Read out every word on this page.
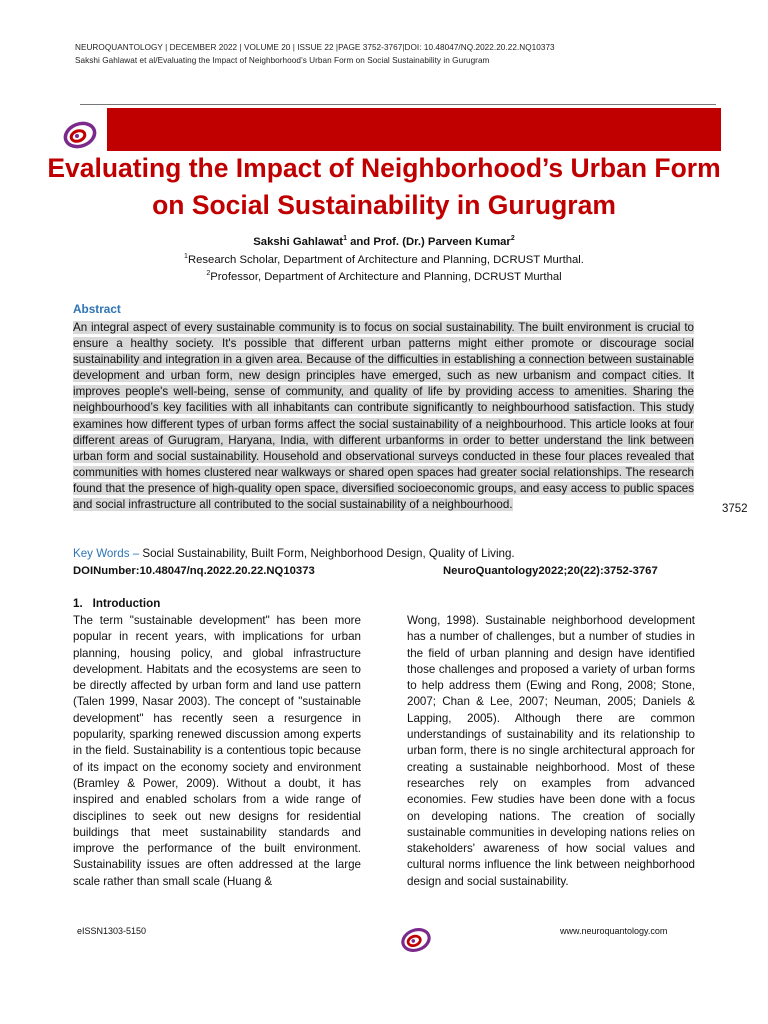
NEUROQUANTOLOGY | DECEMBER 2022 | VOLUME 20 | ISSUE 22 |PAGE 3752-3767|DOI: 10.48047/NQ.2022.20.22.NQ10373
Sakshi Gahlawat et al/Evaluating the Impact of Neighborhood’s Urban Form on Social Sustainability in Gurugram
Evaluating the Impact of Neighborhood’s Urban Form on Social Sustainability in Gurugram
Sakshi Gahlawat$^1$ and Prof. (Dr.) Parveen Kumar$^2$
$^1$Research Scholar, Department of Architecture and Planning, DCRUST Murthal.
$^2$Professor, Department of Architecture and Planning, DCRUST Murthal
Abstract

An integral aspect of every sustainable community is to focus on social sustainability. The built environment is crucial to ensure a healthy society. It's possible that different urban patterns might either promote or discourage social sustainability and integration in a given area. Because of the difficulties in establishing a connection between sustainable development and urban form, new design principles have emerged, such as new urbanism and compact cities. It improves people's well-being, sense of community, and quality of life by providing access to amenities. Sharing the neighbourhood’s key facilities with all inhabitants can contribute significantly to neighbourhood satisfaction. This study examines how different types of urban forms affect the social sustainability of a neighbourhood. This article looks at four different areas of Gurugram, Haryana, India, with different urbanforms in order to better understand the link between urban form and social sustainability. Household and observational surveys conducted in these four places revealed that communities with homes clustered near walkways or shared open spaces had greater social relationships. The research found that the presence of high-quality open space, diversified socioeconomic groups, and easy access to public spaces and social infrastructure all contributed to the social sustainability of a neighbourhood.

Key Words – Social Sustainability, Built Form, Neighborhood Design, Quality of Living.
DOINumber:10.48047/nq.2022.20.22.NQ10373	NeuroQuantology2022;20(22):3752-3767
3752
1. Introduction

The term "sustainable development" has been more popular in recent years, with implications for urban planning, housing policy, and global infrastructure development. Habitats and the ecosystems are seen to be directly affected by urban form and land use pattern (Talen 1999, Nasar 2003). The concept of "sustainable development" has recently seen a resurgence in popularity, sparking renewed discussion among experts in the field. Sustainability is a contentious topic because of its impact on the economy society and environment (Bramley & Power, 2009). Without a doubt, it has inspired and enabled scholars from a wide range of disciplines to seek out new designs for residential buildings that meet sustainability standards and improve the performance of the built environment. Sustainability issues are often addressed at the large scale rather than small scale (Huang &

Wong, 1998). Sustainable neighborhood development has a number of challenges, but a number of studies in the field of urban planning and design have identified those challenges and proposed a variety of urban forms to help address them (Ewing and Rong, 2008; Stone, 2007; Chan & Lee, 2007; Neuman, 2005; Daniels & Lapping, 2005). Although there are common understandings of sustainability and its relationship to urban form, there is no single architectural approach for creating a sustainable neighborhood. Most of these researches rely on examples from advanced economies. Few studies have been done with a focus on developing nations. The creation of socially sustainable communities in developing nations relies on stakeholders' awareness of how social values and cultural norms influence the link between neighborhood design and social sustainability.

eISSN1303-5150	www.neuroquantology.com
